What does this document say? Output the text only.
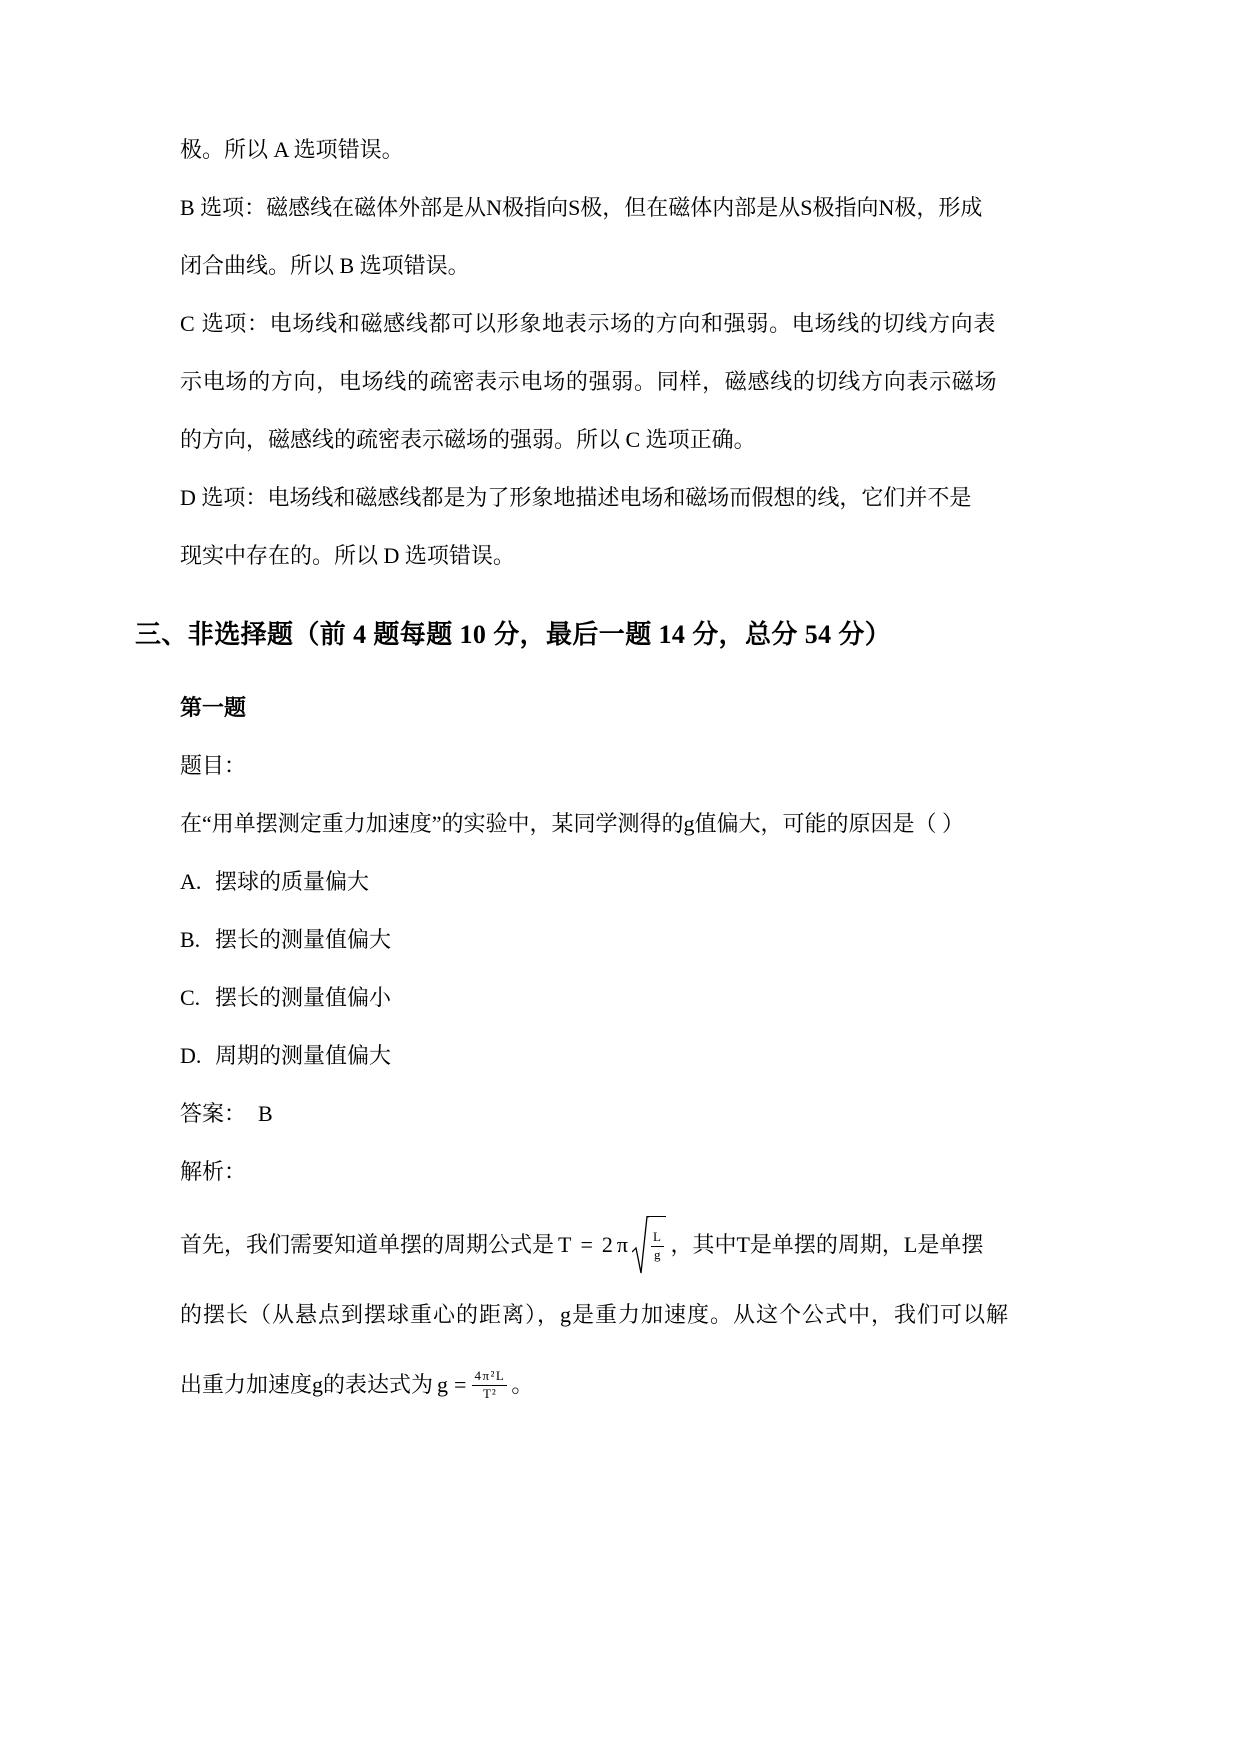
极。所以 A 选项错误。

B 选项：磁感线在磁体外部是从N极指向S极，但在磁体内部是从S极指向N极，形成

闭合曲线。所以 B 选项错误。

C 选项：电场线和磁感线都可以形象地表示场的方向和强弱。电场线的切线方向表

示电场的方向，电场线的疏密表示电场的强弱。同样，磁感线的切线方向表示磁场

的方向，磁感线的疏密表示磁场的强弱。所以 C 选项正确。

D 选项：电场线和磁感线都是为了形象地描述电场和磁场而假想的线，它们并不是

现实中存在的。所以 D 选项错误。

三、非选择题（前 4 题每题 10 分，最后一题 14 分，总分 54 分）

第一题

题目：

在“用单摆测定重力加速度”的实验中，某同学测得的g值偏大，可能的原因是（ ）

A. 摆球的质量偏大
B. 摆长的测量值偏大
C. 摆长的测量值偏小
D. 周期的测量值偏大

答案： B

解析：

首先，我们需要知道单摆的周期公式是 $T = 2\pi \frac{L}{g}$ ，其中T是单摆的周期，L是单摆

的摆长（从悬点到摆球重心的距离），g是重力加速度。从这个公式中，我们可以解

出重力加速度g的表达式为 $g = \frac{\text{4π²L}}{\text{T²}}$ 。
